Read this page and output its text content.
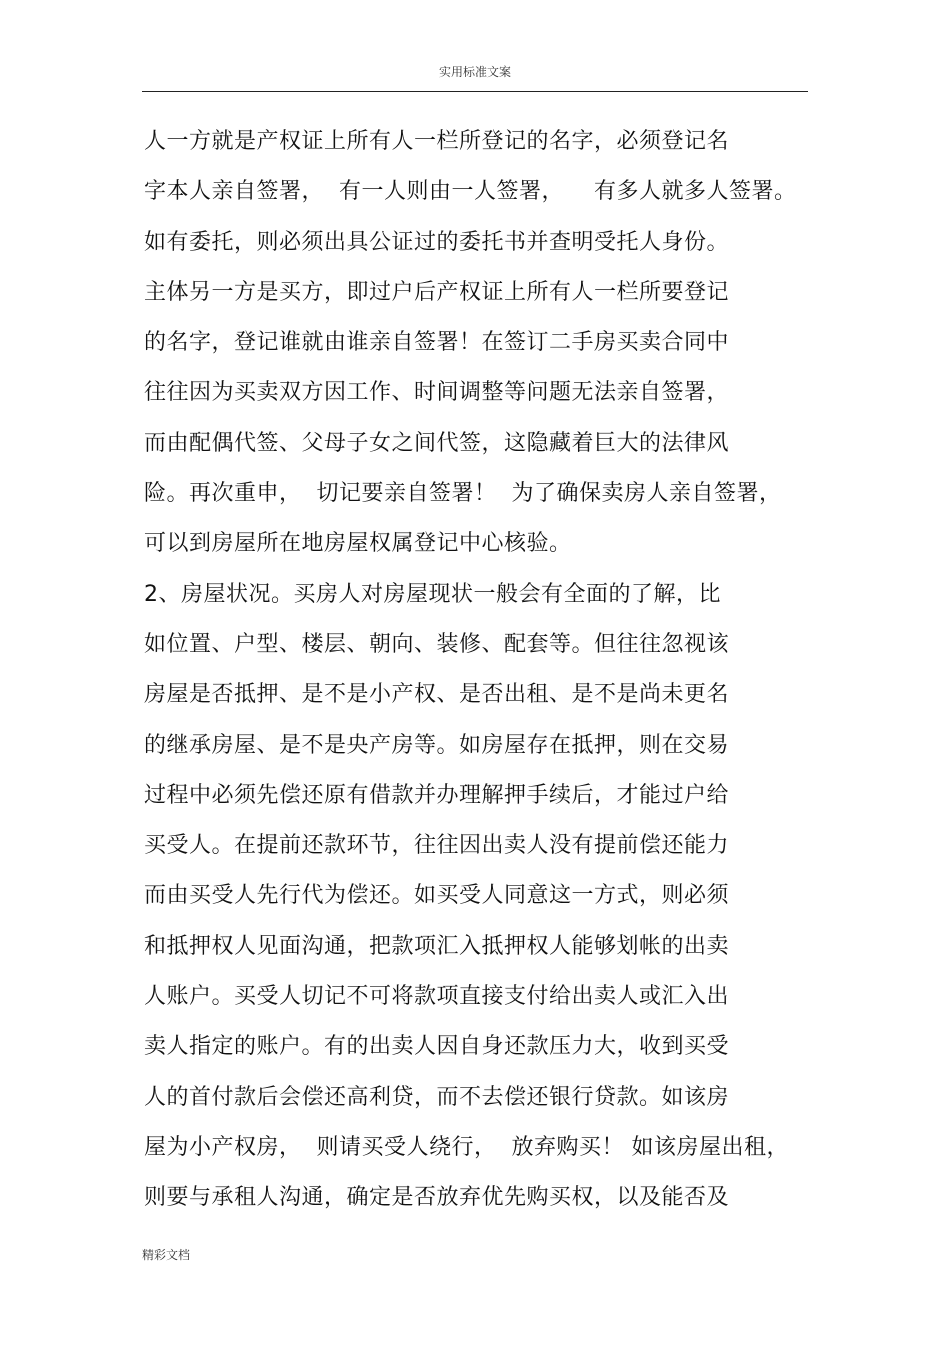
实用标准文案
人一方就是产权证上所有人一栏所登记的名字，必须登记名
字本人亲自签署，  有一人则由一人签署，    有多人就多人签署。
如有委托，则必须出具公证过的委托书并查明受托人身份。
主体另一方是买方，即过户后产权证上所有人一栏所要登记
的名字，登记谁就由谁亲自签署！在签订二手房买卖合同中
往往因为买卖双方因工作、时间调整等问题无法亲自签署，
而由配偶代签、父母子女之间代签，这隐藏着巨大的法律风
险。再次重申，  切记要亲自签署！  为了确保卖房人亲自签署，
可以到房屋所在地房屋权属登记中心核验。
2、房屋状况。买房人对房屋现状一般会有全面的了解，比
如位置、户型、楼层、朝向、装修、配套等。但往往忽视该
房屋是否抵押、是不是小产权、是否出租、是不是尚未更名
的继承房屋、是不是央产房等。如房屋存在抵押，则在交易
过程中必须先偿还原有借款并办理解押手续后，才能过户给
买受人。在提前还款环节，往往因出卖人没有提前偿还能力
而由买受人先行代为偿还。如买受人同意这一方式，则必须
和抵押权人见面沟通，把款项汇入抵押权人能够划帐的出卖
人账户。买受人切记不可将款项直接支付给出卖人或汇入出
卖人指定的账户。有的出卖人因自身还款压力大，收到买受
人的首付款后会偿还高利贷，而不去偿还银行贷款。如该房
屋为小产权房，  则请买受人绕行，  放弃购买！ 如该房屋出租，
则要与承租人沟通，确定是否放弃优先购买权，以及能否及
精彩文档
